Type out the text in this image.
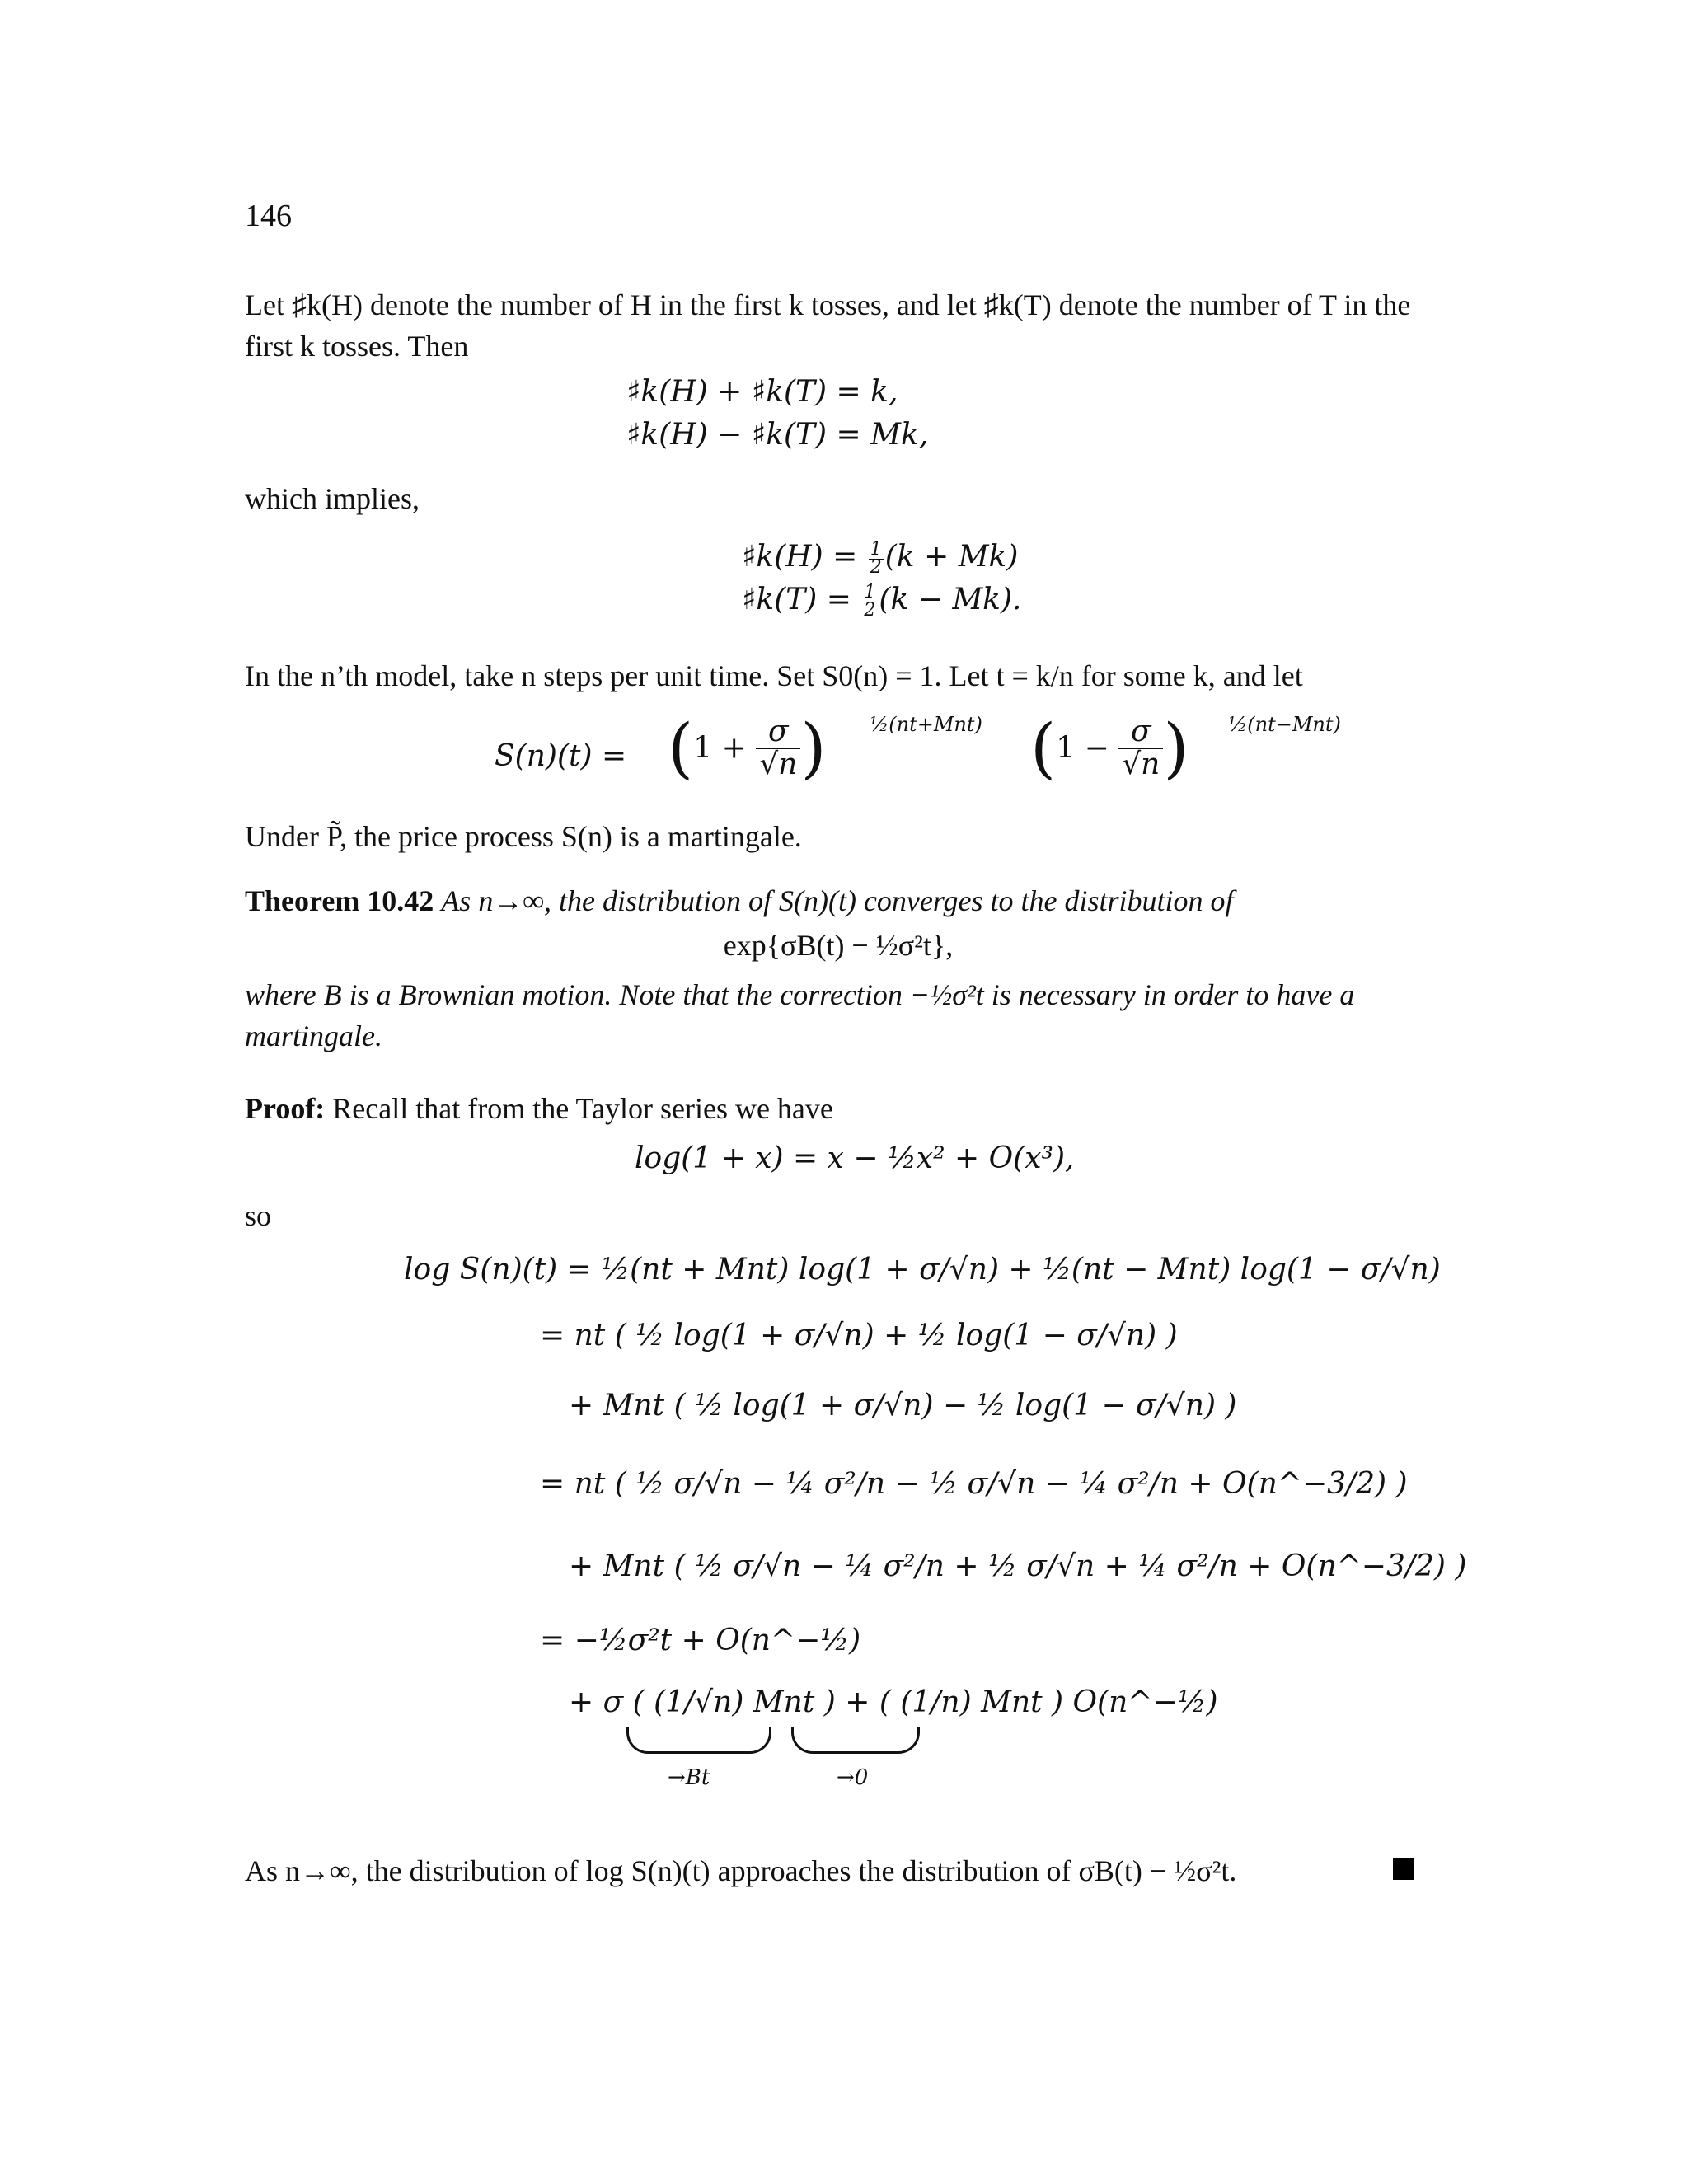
146
Let ♯k(H) denote the number of H in the first k tosses, and let ♯k(T) denote the number of T in the
first k tosses. Then
♯k(H) + ♯k(T) = k,
♯k(H) − ♯k(T) = Mk,
which implies,
♯k(H) = $\frac{1}{2} (k + Mk)$
♯k(T) = $\frac{1}{2} (k - Mk)$.
In the n’th model, take n steps per unit time. Set S0(n) = 1. Let t = k/n for some k, and let
$S(n)(t) = (1 + \frac{\sigma}{√n}$ ) ½(nt+Mnt) ($1 - \frac{\sigma}{√n}$ ) ½(nt−Mnt)
Under P̃, the price process S(n) is a martingale.
Theorem 10.42 As n→∞, the distribution of S(n)(t) converges to the distribution of
exp{σB(t) − ½σ²t},
where B is a Brownian motion. Note that the correction −½σ²t is necessary in order to have a
martingale.
Proof: Recall that from the Taylor series we have
log(1 + x) = x − ½x² + O(x³),
so
log S(n)(t) = ½(nt + Mnt) log(1 + σ/√n) + ½(nt − Mnt) log(1 − σ/√n)
= nt ( ½ log(1 + σ/√n) + ½ log(1 − σ/√n) )
+ Mnt ( ½ log(1 + σ/√n) − ½ log(1 − σ/√n) )
= nt ( ½ σ/√n − ¼ σ²/n − ½ σ/√n − ¼ σ²/n + O(n^−3/2) )
+ Mnt ( ½ σ/√n − ¼ σ²/n + ½ σ/√n + ¼ σ²/n + O(n^−3/2) )
= −½σ²t + O(n^−½)
+ σ ( (1/√n) Mnt ) + ( (1/n) Mnt ) O(n^−½)
→Bt	→0
As n→∞, the distribution of log S(n)(t) approaches the distribution of σB(t) − ½σ²t.
